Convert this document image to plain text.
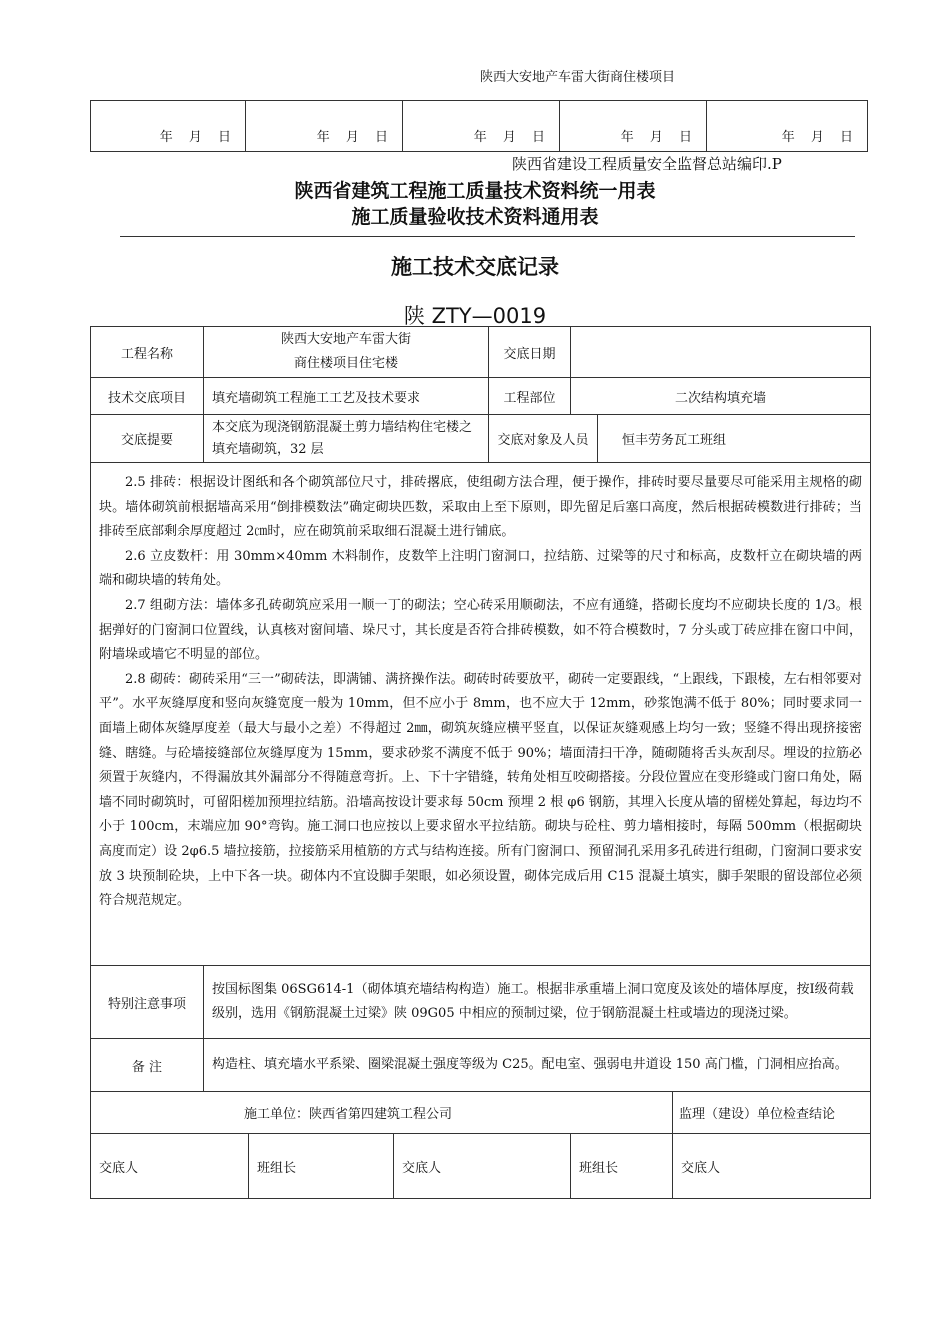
陕西大安地产车雷大街商住楼项目
年 月 日	年 月 日	年 月 日	年 月 日	年 月 日
陕西省建设工程质量安全监督总站编印.P
陕西省建筑工程施工质量技术资料统一用表
施工质量验收技术资料通用表
施工技术交底记录
陕 ZTY—0019
工程名称	陕西大安地产车雷大街
商住楼项目住宅楼			交底日期			
技术交底项目	填充墙砌筑工程施工工艺及技术要求			工程部位	二次结构填充墙		
交底提要	本交底为现浇钢筋混凝土剪力墙结构住宅楼之填充墙砌筑，32 层			交底对象及人员		恒丰劳务瓦工班组	

2.5 排砖：根据设计图纸和各个砌筑部位尺寸，排砖撂底，使组砌方法合理，便于操作，排砖时要尽量要尽可能采用主规格的砌块。墙体砌筑前根据墙高采用“倒排模数法”确定砌块匹数，采取由上至下原则，即先留足后塞口高度，然后根据砖模数进行排砖；当排砖至底部剩余厚度超过 2㎝时，应在砌筑前采取细石混凝土进行铺底。

2.6 立皮数杆：用 30mm×40mm 木料制作，皮数竿上注明门窗洞口，拉结筋、过梁等的尺寸和标高，皮数杆立在砌块墙的两端和砌块墙的转角处。

2.7 组砌方法：墙体多孔砖砌筑应采用一顺一丁的砌法；空心砖采用顺砌法，不应有通缝，搭砌长度均不应砌块长度的 1/3。根据弹好的门窗洞口位置线，认真核对窗间墙、垛尺寸，其长度是否符合排砖模数，如不符合模数时，7 分头或丁砖应排在窗口中间，附墙垛或墙它不明显的部位。

2.8 砌砖：砌砖采用“三一”砌砖法，即满铺、满挤操作法。砌砖时砖要放平，砌砖一定要跟线，“上跟线，下跟棱，左右相邻要对平”。水平灰缝厚度和竖向灰缝宽度一般为 10mm，但不应小于 8mm，也不应大于 12mm，砂浆饱满不低于 80%；同时要求同一面墙上砌体灰缝厚度差（最大与最小之差）不得超过 2㎜，砌筑灰缝应横平竖直，以保证灰缝观感上均匀一致；竖缝不得出现挤接密缝、瞎缝。与砼墙接缝部位灰缝厚度为 15mm，要求砂浆不满度不低于 90%；墙面清扫干净，随砌随将舌头灰刮尽。埋设的拉筋必须置于灰缝内，不得漏放其外漏部分不得随意弯折。上、下十字错缝，转角处相互咬砌搭接。分段位置应在变形缝或门窗口角处，隔墙不同时砌筑时，可留阳槎加预埋拉结筋。沿墙高按设计要求每 50cm 预埋 2 根 φ6 钢筋，其埋入长度从墙的留槎处算起，每边均不小于 100cm，末端应加 90°弯钩。施工洞口也应按以上要求留水平拉结筋。砌块与砼柱、剪力墙相接时，每隔 500mm（根据砌块高度而定）设 2φ6.5 墙拉接筋，拉接筋采用植筋的方式与结构连接。所有门窗洞口、预留洞孔采用多孔砖进行组砌，门窗洞口要求安放 3 块预制砼块，上中下各一块。砌体内不宜设脚手架眼，如必须设置，砌体完成后用 C15 混凝土填实，脚手架眼的留设部位必须符合规范规定。							

特别注意事项	按国标图集 06SG614-1（砌体填充墙结构构造）施工。根据非承重墙上洞口宽度及该处的墙体厚度，按Ⅰ级荷载级别，选用《钢筋混凝土过梁》陕 09G05 中相应的预制过梁，位于钢筋混凝土柱或墙边的现浇过梁。						
备 注	构造柱、填充墙水平系梁、圈梁混凝土强度等级为 C25。配电室、强弱电井道设 150 高门槛，门洞相应抬高。						
施工单位：陕西省第四建筑工程公司							监理（建设）单位检查结论
交底人		班组长	交底人		班组长		交底人
